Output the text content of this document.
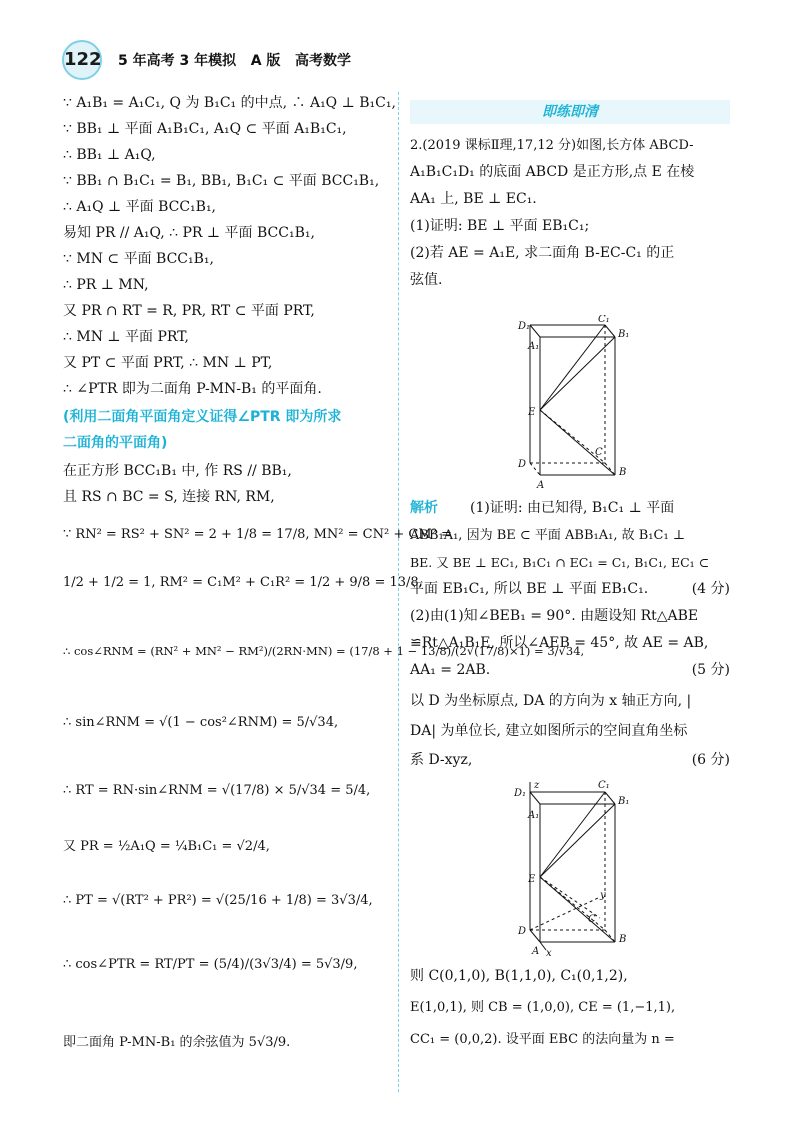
122 5 年高考 3 年模拟   A 版   高考数学
∵ A₁B₁ = A₁C₁, Q 为 B₁C₁ 的中点, ∴ A₁Q ⊥ B₁C₁,
∵ BB₁ ⊥ 平面 A₁B₁C₁, A₁Q ⊂ 平面 A₁B₁C₁,
∴ BB₁ ⊥ A₁Q,
∵ BB₁ ∩ B₁C₁ = B₁, BB₁, B₁C₁ ⊂ 平面 BCC₁B₁,
∴ A₁Q ⊥ 平面 BCC₁B₁,
易知 PR // A₁Q, ∴ PR ⊥ 平面 BCC₁B₁,
∵ MN ⊂ 平面 BCC₁B₁,
∴ PR ⊥ MN,
又 PR ∩ RT = R, PR, RT ⊂ 平面 PRT,
∴ MN ⊥ 平面 PRT,
又 PT ⊂ 平面 PRT, ∴ MN ⊥ PT,
∴ ∠PTR 即为二面角 P-MN-B₁ 的平面角.
(利用二面角平面角定义证得∠PTR 即为所求
二面角的平面角)
在正方形 BCC₁B₁ 中, 作 RS // BB₁,
且 RS ∩ BC = S, 连接 RN, RM,
∵ RN² = RS² + SN² = 2 + 1/8 = 17/8, MN² = CN² + CM² =
1/2 + 1/2 = 1, RM² = C₁M² + C₁R² = 1/2 + 9/8 = 13/8,
∴ cos∠RNM = (RN² + MN² − RM²)/(2RN·MN) = (17/8 + 1 − 13/8)/(2√(17/8)×1) = 3/√34,
∴ sin∠RNM = √(1 − cos²∠RNM) = 5/√34,
∴ RT = RN·sin∠RNM = √(17/8) × 5/√34 = 5/4,
又 PR = ½A₁Q = ¼B₁C₁ = √2/4,
∴ PT = √(RT² + PR²) = √(25/16 + 1/8) = 3√3/4,
∴ cos∠PTR = RT/PT = (5/4)/(3√3/4) = 5√3/9,
即二面角 P-MN-B₁ 的余弦值为 5√3/9.
即练即清
2.(2019 课标Ⅱ理,17,12 分)如图,长方体 ABCD-
A₁B₁C₁D₁ 的底面 ABCD 是正方形,点 E 在棱
AA₁ 上, BE ⊥ EC₁.
(1)证明: BE ⊥ 平面 EB₁C₁;
(2)若 AE = A₁E, 求二面角 B-EC-C₁ 的正
弦值.
D₁
C₁
B₁
A₁
E
C
D
B
A
解析	(1)证明: 由已知得, B₁C₁ ⊥ 平面
ABB₁A₁, 因为 BE ⊂ 平面 ABB₁A₁, 故 B₁C₁ ⊥
BE. 又 BE ⊥ EC₁, B₁C₁ ∩ EC₁ = C₁, B₁C₁, EC₁ ⊂
平面 EB₁C₁, 所以 BE ⊥ 平面 EB₁C₁.	(4 分)
(2)由(1)知∠BEB₁ = 90°. 由题设知 Rt△ABE
≌Rt△A₁B₁E, 所以∠AEB = 45°, 故 AE = AB,
AA₁ = 2AB.	(5 分)
以 D 为坐标原点, DA 的方向为 x 轴正方向, |
DA| 为单位长, 建立如图所示的空间直角坐标
系 D-xyz,	(6 分)
z
D₁
C₁
B₁
A₁
E
y
C
D
B
A x
则 C(0,1,0), B(1,1,0), C₁(0,1,2),
E(1,0,1), 则 CB = (1,0,0), CE = (1,−1,1),
CC₁ = (0,0,2). 设平面 EBC 的法向量为 n =
